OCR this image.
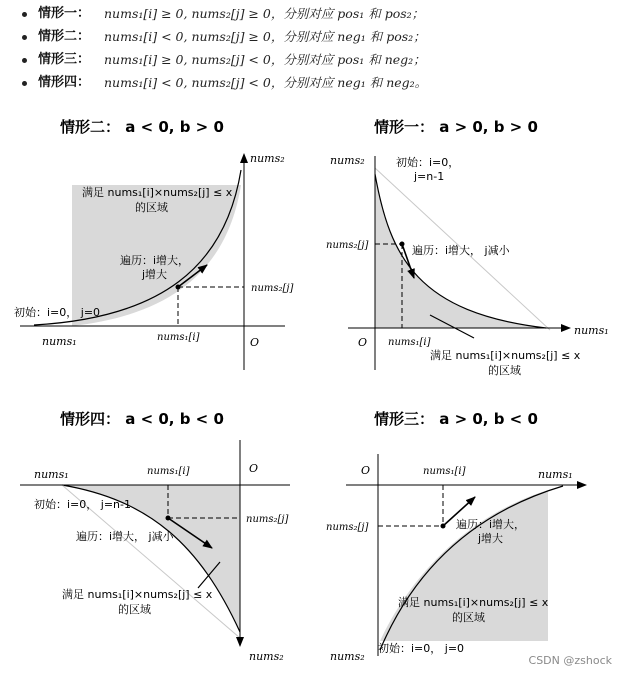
情形一： nums₁[i] ≥ 0, nums₂[j] ≥ 0，分别对应 pos₁ 和 pos₂；
情形二： nums₁[i] < 0, nums₂[j] ≥ 0，分别对应 neg₁ 和 pos₂；
情形三： nums₁[i] ≥ 0, nums₂[j] < 0，分别对应 pos₁ 和 neg₂；
情形四： nums₁[i] < 0, nums₂[j] < 0，分别对应 neg₁ 和 neg₂。
情形二： a < 0, b > 0
nums₂
nums₁	O
满足 nums₁[i]×nums₂[j] ≤ x
的区域
遍历：i增大，
j增大
初始：i=0， j=0
nums₁[i]
nums₂[j]
情形一： a > 0, b > 0
nums₂
nums₁
O
初始：i=0，
j=n-1
遍历：i增大， j减小
nums₂[j]
nums₁[i]
满足 nums₁[i]×nums₂[j] ≤ x
的区域
情形四： a < 0, b < 0
nums₁	O
nums₂
nums₁[i]
nums₂[j]
初始：i=0， j=n-1
遍历：i增大， j减小
满足 nums₁[i]×nums₂[j] ≤ x
的区域
情形三： a > 0, b < 0
O	nums₁
nums₁[i]
nums₂[j]	遍历：i增大，
j增大
满足 nums₁[i]×nums₂[j] ≤ x
的区域
初始：i=0， j=0
nums₂	CSDN @zshock
